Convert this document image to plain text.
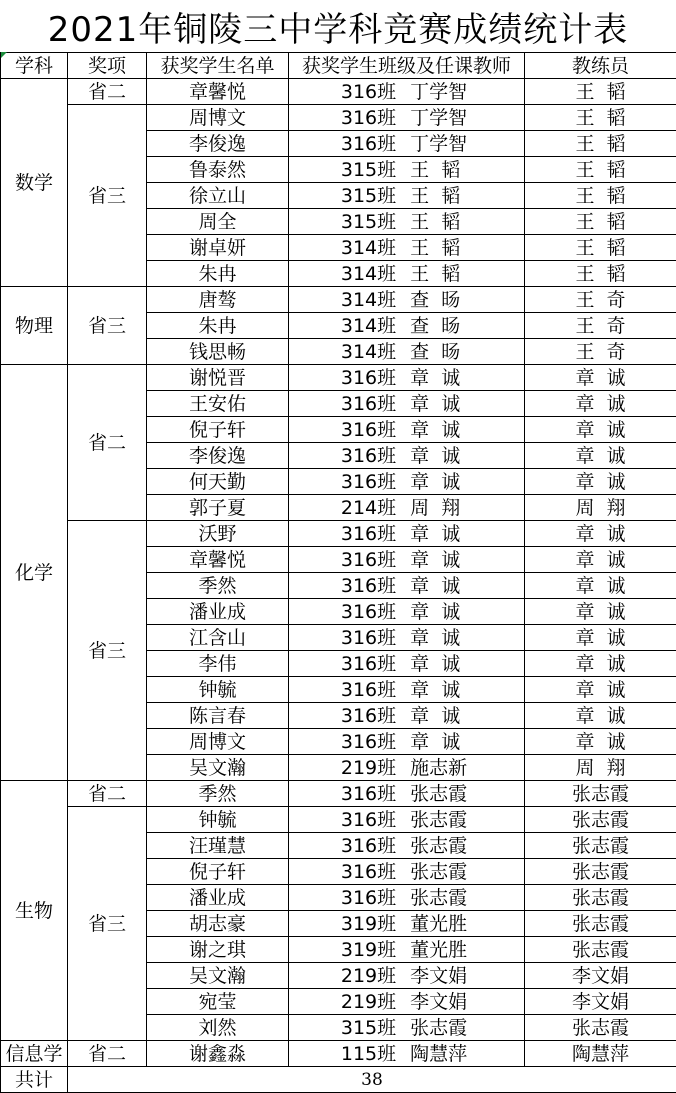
2021年铜陵三中学科竞赛成绩统计表
学科	奖项	获奖学生名单	获奖学生班级及任课教师	教练员
数学	省二	章馨悦	316班 丁学智	王  韬
	省三	周博文	316班 丁学智	王  韬
		李俊逸	316班 丁学智	王  韬
		鲁泰然	315班 王  韬	王  韬
		徐立山	315班 王  韬	王  韬
		周全	315班 王  韬	王  韬
		谢卓妍	314班 王  韬	王  韬
		朱冉	314班 王  韬	王  韬
物理	省三	唐骜	314班 查  旸	王  奇
		朱冉	314班 查  旸	王  奇
		钱思畅	314班 查  旸	王  奇
化学	省二	谢悦晋	316班 章  诚	章  诚
		王安佑	316班 章  诚	章  诚
		倪子轩	316班 章  诚	章  诚
		李俊逸	316班 章  诚	章  诚
		何天勤	316班 章  诚	章  诚
		郭子夏	214班 周  翔	周  翔
	省三	沃野	316班 章  诚	章  诚
		章馨悦	316班 章  诚	章  诚
		季然	316班 章  诚	章  诚
		潘业成	316班 章  诚	章  诚
		江含山	316班 章  诚	章  诚
		李伟	316班 章  诚	章  诚
		钟毓	316班 章  诚	章  诚
		陈言春	316班 章  诚	章  诚
		周博文	316班 章  诚	章  诚
		吴文瀚	219班 施志新	周  翔
生物	省二	季然	316班 张志霞	张志霞
	省三	钟毓	316班 张志霞	张志霞
		汪瑾慧	316班 张志霞	张志霞
		倪子轩	316班 张志霞	张志霞
		潘业成	316班 张志霞	张志霞
		胡志豪	319班 董光胜	张志霞
		谢之琪	319班 董光胜	张志霞
		吴文瀚	219班 李文娟	李文娟
		宛莹	219班 李文娟	李文娟
		刘然	315班 张志霞	张志霞
信息学	省二	谢鑫淼	115班 陶慧萍	陶慧萍
共计	38			
